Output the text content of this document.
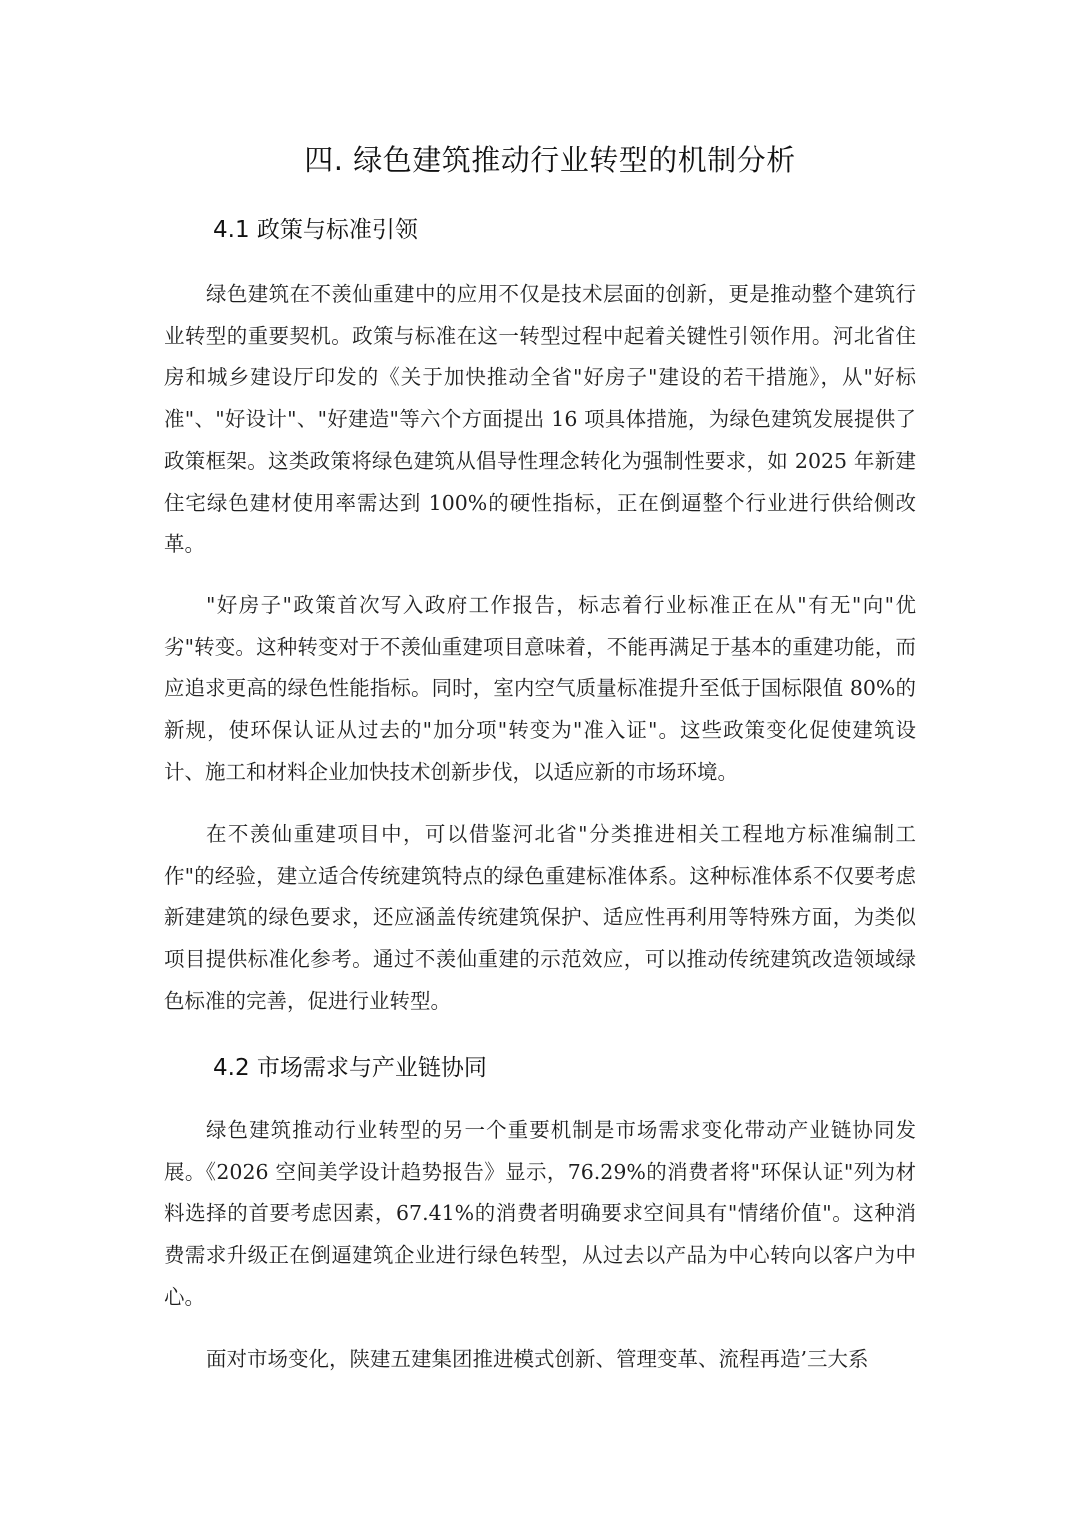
四. 绿色建筑推动行业转型的机制分析
4.1 政策与标准引领

绿色建筑在不羡仙重建中的应用不仅是技术层面的创新，更是推动整个建筑行业转型的重要契机。政策与标准在这一转型过程中起着关键性引领作用。河北省住房和城乡建设厅印发的《关于加快推动全省"好房子"建设的若干措施》，从"好标准"、"好设计"、"好建造"等六个方面提出 16 项具体措施，为绿色建筑发展提供了政策框架。这类政策将绿色建筑从倡导性理念转化为强制性要求，如 2025 年新建住宅绿色建材使用率需达到 100%的硬性指标，正在倒逼整个行业进行供给侧改革。

"好房子"政策首次写入政府工作报告，标志着行业标准正在从"有无"向"优劣"转变。这种转变对于不羡仙重建项目意味着，不能再满足于基本的重建功能，而应追求更高的绿色性能指标。同时，室内空气质量标准提升至低于国标限值 80%的新规，使环保认证从过去的"加分项"转变为"准入证"。这些政策变化促使建筑设计、施工和材料企业加快技术创新步伐，以适应新的市场环境。

在不羡仙重建项目中，可以借鉴河北省"分类推进相关工程地方标准编制工作"的经验，建立适合传统建筑特点的绿色重建标准体系。这种标准体系不仅要考虑新建建筑的绿色要求，还应涵盖传统建筑保护、适应性再利用等特殊方面，为类似项目提供标准化参考。通过不羡仙重建的示范效应，可以推动传统建筑改造领域绿色标准的完善，促进行业转型。

4.2 市场需求与产业链协同

绿色建筑推动行业转型的另一个重要机制是市场需求变化带动产业链协同发展。《2026 空间美学设计趋势报告》显示，76.29%的消费者将"环保认证"列为材料选择的首要考虑因素，67.41%的消费者明确要求空间具有"情绪价值"。这种消费需求升级正在倒逼建筑企业进行绿色转型，从过去以产品为中心转向以客户为中心。

面对市场变化，陕建五建集团推进模式创新、管理变革、流程再造’三大系
